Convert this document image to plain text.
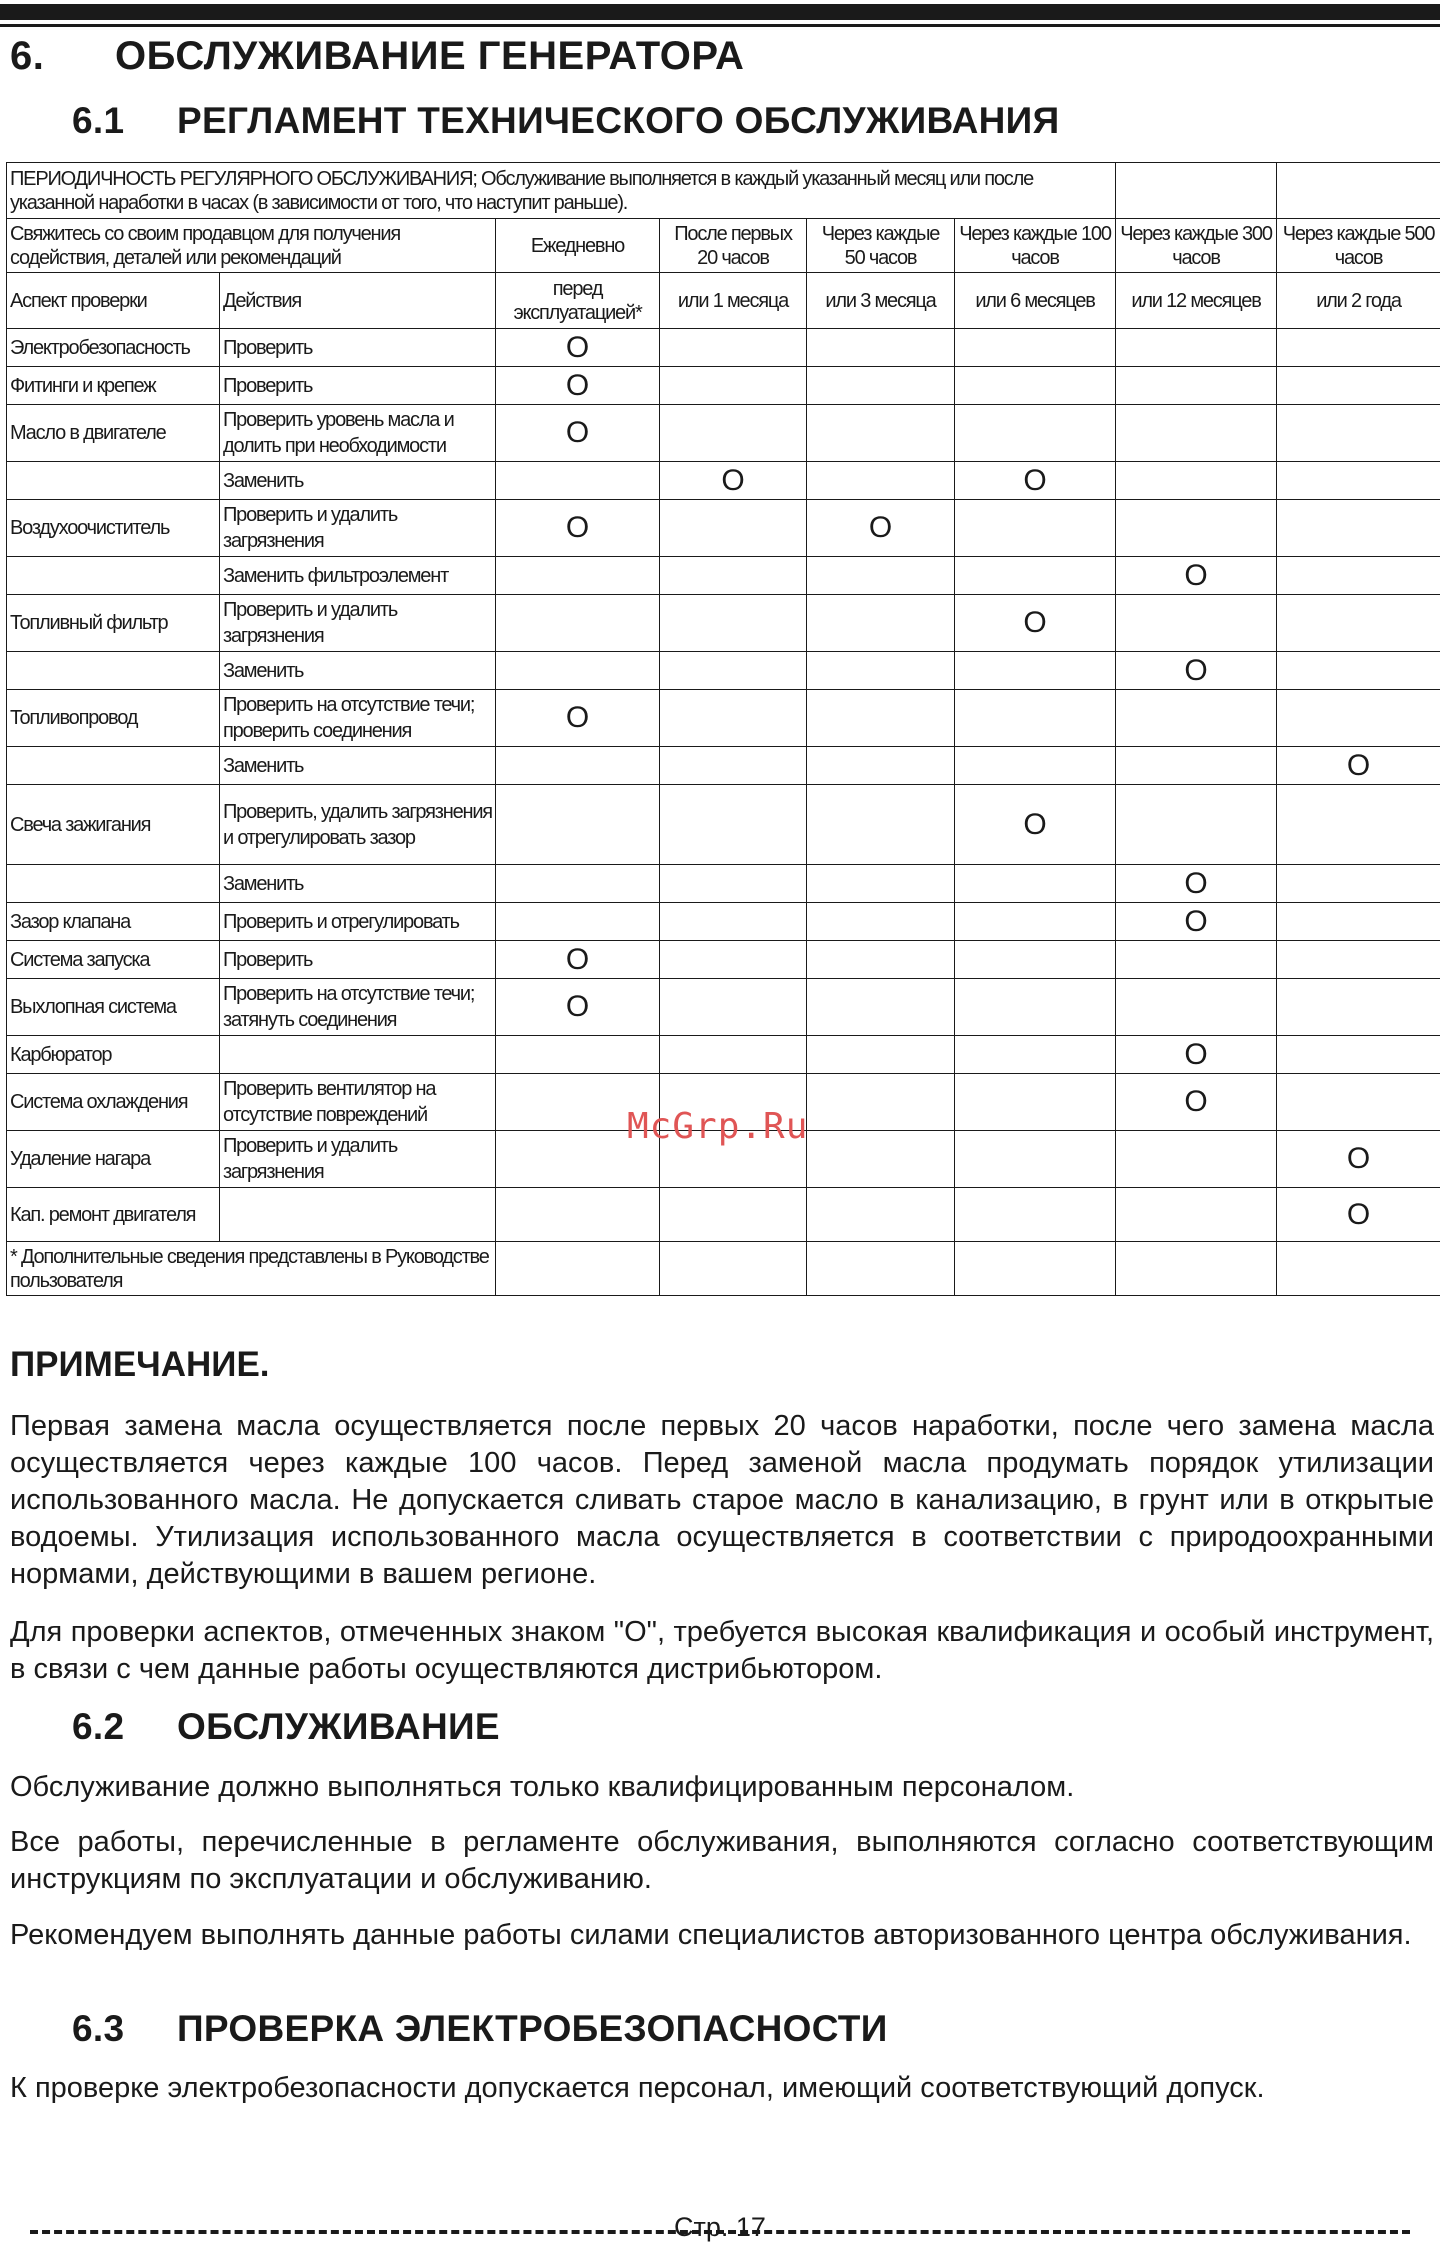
6. ОБСЛУЖИВАНИЕ ГЕНЕРАТОРА
6.1 РЕГЛАМЕНТ ТЕХНИЧЕСКОГО ОБСЛУЖИВАНИЯ
ПЕРИОДИЧНОСТЬ РЕГУЛЯРНОГО ОБСЛУЖИВАНИЯ; Обслуживание выполняется в каждый указанный месяц или после указанной наработки в часах (в зависимости от того, что наступит раньше).							
Свяжитесь со своим продавцом для получения содействия, деталей или рекомендаций		Ежедневно	После первых 20 часов	Через каждые 50 часов	Через каждые 100 часов	Через каждые 300 часов	Через каждые 500 часов
Аспект проверки	Действия	перед эксплуатацией*	или 1 месяца	или 3 месяца	или 6 месяцев	или 12 месяцев	или 2 года
Электробезопасность	Проверить	O					
Фитинги и крепеж	Проверить	O					
Масло в двигателе	Проверить уровень масла и долить при необходимости	O					
	Заменить		O		O		
Воздухоочиститель	Проверить и удалить загрязнения	O		O			
	Заменить фильтроэлемент					O	
Топливный фильтр	Проверить и удалить загрязнения				O		
	Заменить					O	
Топливопровод	Проверить на отсутствие течи; проверить соединения	O					
	Заменить						O
Свеча зажигания	Проверить, удалить загрязнения и отрегулировать зазор				O		
	Заменить					O	
Зазор клапана	Проверить и отрегулировать					O	
Система запуска	Проверить	O					
Выхлопная система	Проверить на отсутствие течи; затянуть соединения	O					
Карбюратор						O	
Система охлаждения	Проверить вентилятор на отсутствие повреждений					O	
Удаление нагара	Проверить и удалить загрязнения						O
Кап. ремонт двигателя							O
* Дополнительные сведения представлены в Руководстве пользователя							
McGrp.Ru
ПРИМЕЧАНИЕ.
Первая замена масла осуществляется после первых 20 часов наработки, после чего замена масла осуществляется через каждые 100 часов. Перед заменой масла продумать порядок утилизации использованного масла. Не допускается сливать старое масло в канализацию, в грунт или в открытые водоемы. Утилизация использованного масла осуществляется в соответствии с природоохранными нормами, действующими в вашем регионе.
Для проверки аспектов, отмеченных знаком "O", требуется высокая квалификация и особый инструмент, в связи с чем данные работы осуществляются дистрибьютором.
6.2 ОБСЛУЖИВАНИЕ
Обслуживание должно выполняться только квалифицированным персоналом.
Все работы, перечисленные в регламенте обслуживания, выполняются согласно соответствующим инструкциям по эксплуатации и обслуживанию.
Рекомендуем выполнять данные работы силами специалистов авторизованного центра обслуживания.
6.3 ПРОВЕРКА ЭЛЕКТРОБЕЗОПАСНОСТИ
К проверке электробезопасности допускается персонал, имеющий соответствующий допуск.
Стр. 17
